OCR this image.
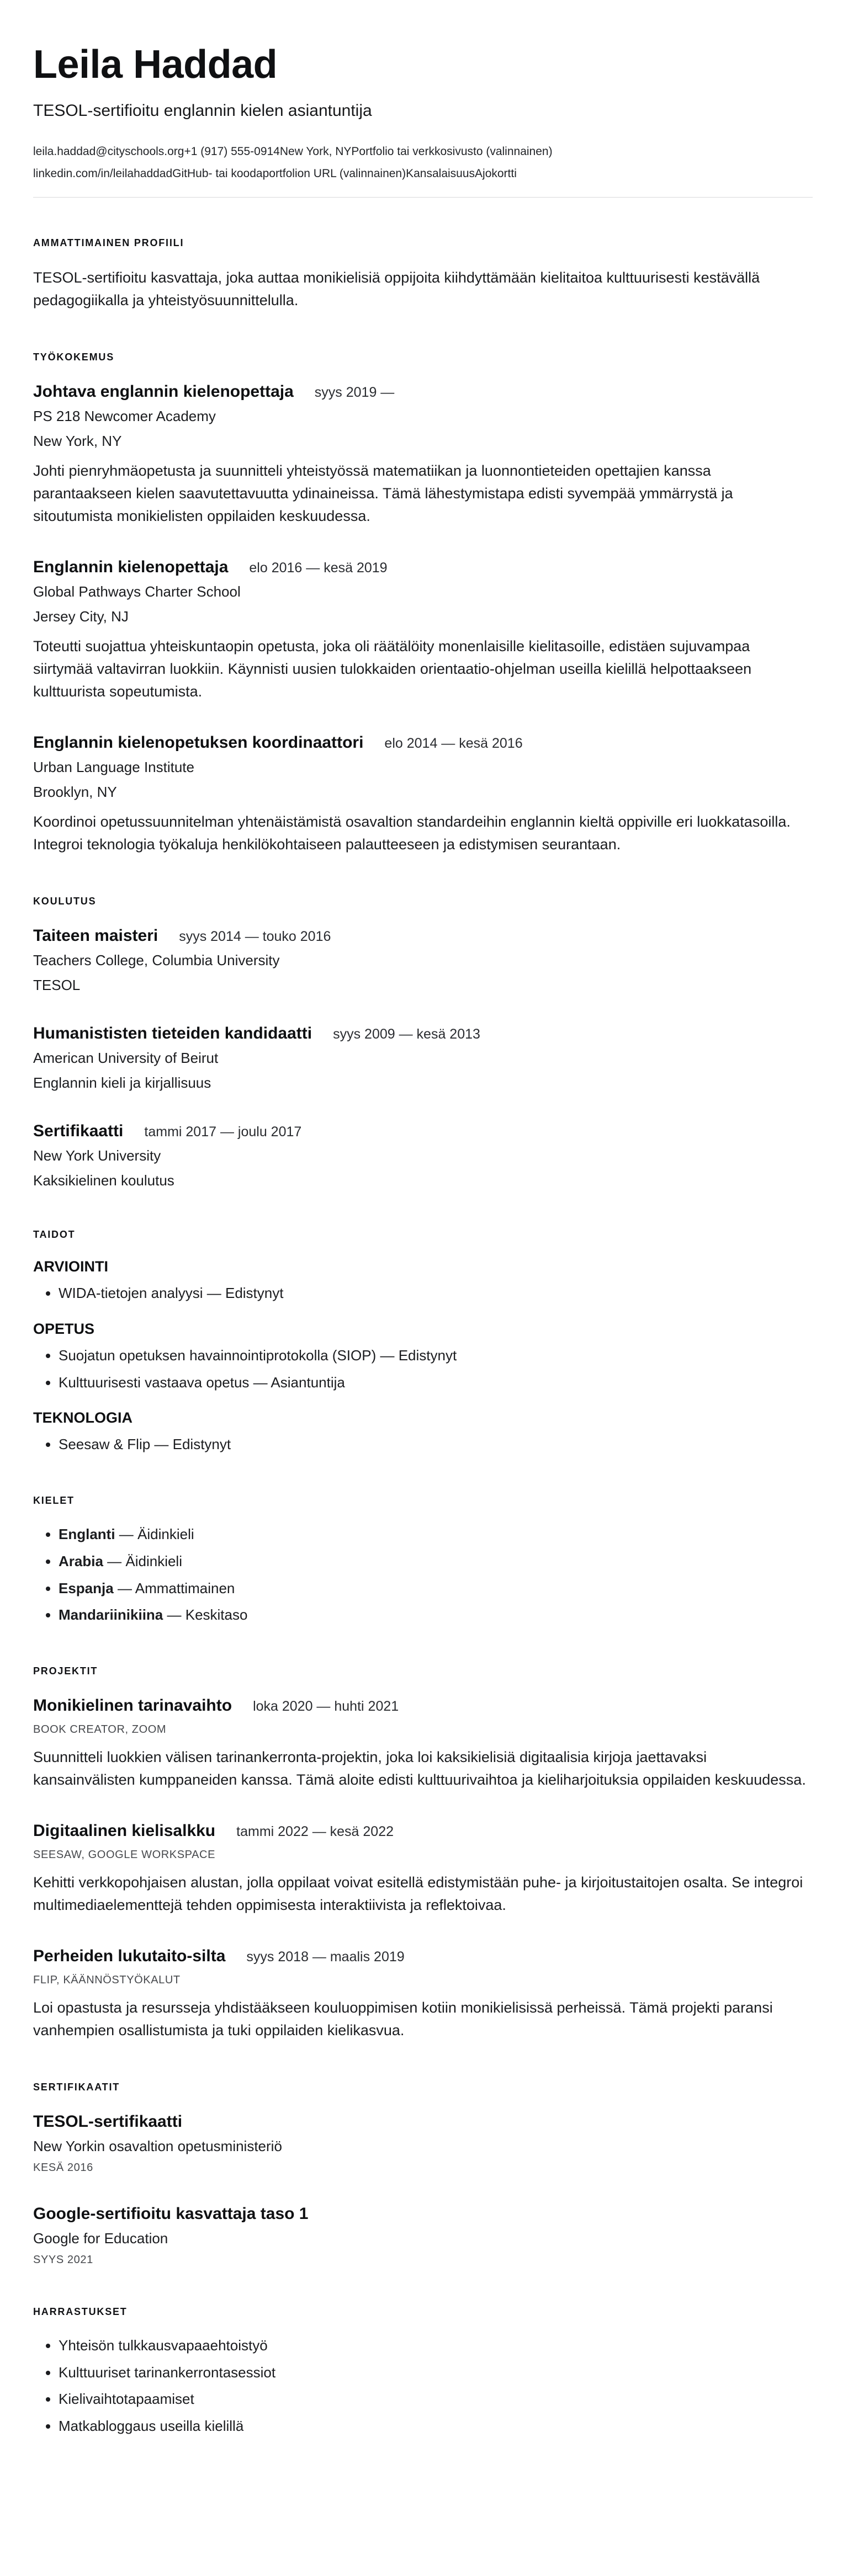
Leila Haddad

TESOL-sertifioitu englannin kielen asiantuntija

leila.haddad@cityschools.org+1 (917) 555-0914New York, NYPortfolio tai verkkosivusto (valinnainen)

linkedin.com/in/leilahaddadGitHub- tai koodaportfolion URL (valinnainen)KansalaisuusAjokortti

AMMATTIMAINEN PROFIILI

TESOL-sertifioitu kasvattaja, joka auttaa monikielisiä oppijoita kiihdyttämään kielitaitoa kulttuurisesti kestävällä pedagogiikalla ja yhteistyösuunnittelulla.

TYÖKOKEMUS
Johtava englannin kielenopettaja syys 2019 —

PS 218 Newcomer Academy

New York, NY

Johti pienryhmäopetusta ja suunnitteli yhteistyössä matematiikan ja luonnontieteiden opettajien kanssa parantaakseen kielen saavutettavuutta ydinaineissa. Tämä lähestymistapa edisti syvempää ymmärrystä ja sitoutumista monikielisten oppilaiden keskuudessa.

Englannin kielenopettaja elo 2016 — kesä 2019

Global Pathways Charter School

Jersey City, NJ

Toteutti suojattua yhteiskuntaopin opetusta, joka oli räätälöity monenlaisille kielitasoille, edistäen sujuvampaa siirtymää valtavirran luokkiin. Käynnisti uusien tulokkaiden orientaatio-ohjelman useilla kielillä helpottaakseen kulttuurista sopeutumista.

Englannin kielenopetuksen koordinaattori elo 2014 — kesä 2016

Urban Language Institute

Brooklyn, NY

Koordinoi opetussuunnitelman yhtenäistämistä osavaltion standardeihin englannin kieltä oppiville eri luokkatasoilla. Integroi teknologia työkaluja henkilökohtaiseen palautteeseen ja edistymisen seurantaan.

KOULUTUS
Taiteen maisteri syys 2014 — touko 2016

Teachers College, Columbia University

TESOL

Humanististen tieteiden kandidaatti syys 2009 — kesä 2013

American University of Beirut

Englannin kieli ja kirjallisuus

Sertifikaatti tammi 2017 — joulu 2017

New York University

Kaksikielinen koulutus

TAIDOT
ARVIOINTI
• WIDA-tietojen analyysi — Edistynyt
OPETUS
• Suojatun opetuksen havainnointiprotokolla (SIOP) — Edistynyt
• Kulttuurisesti vastaava opetus — Asiantuntija
TEKNOLOGIA
• Seesaw & Flip — Edistynyt
KIELET
• Englanti — Äidinkieli
• Arabia — Äidinkieli
• Espanja — Ammattimainen
• Mandariinikiina — Keskitaso
PROJEKTIT
Monikielinen tarinavaihto loka 2020 — huhti 2021

BOOK CREATOR, ZOOM

Suunnitteli luokkien välisen tarinankerronta-projektin, joka loi kaksikielisiä digitaalisia kirjoja jaettavaksi kansainvälisten kumppaneiden kanssa. Tämä aloite edisti kulttuurivaihtoa ja kieliharjoituksia oppilaiden keskuudessa.

Digitaalinen kielisalkku tammi 2022 — kesä 2022

SEESAW, GOOGLE WORKSPACE

Kehitti verkkopohjaisen alustan, jolla oppilaat voivat esitellä edistymistään puhe- ja kirjoitustaitojen osalta. Se integroi multimediaelementtejä tehden oppimisesta interaktiivista ja reflektoivaa.

Perheiden lukutaito-silta syys 2018 — maalis 2019

FLIP, KÄÄNNÖSTYÖKALUT

Loi opastusta ja resursseja yhdistääkseen kouluoppimisen kotiin monikielisissä perheissä. Tämä projekti paransi vanhempien osallistumista ja tuki oppilaiden kielikasvua.

SERTIFIKAATIT
TESOL-sertifikaatti

New Yorkin osavaltion opetusministeriö

KESÄ 2016

Google-sertifioitu kasvattaja taso 1

Google for Education

SYYS 2021

HARRASTUKSET
• Yhteisön tulkkausvapaaehtoistyö
• Kulttuuriset tarinankerrontasessiot
• Kielivaihtotapaamiset
• Matkabloggaus useilla kielillä
